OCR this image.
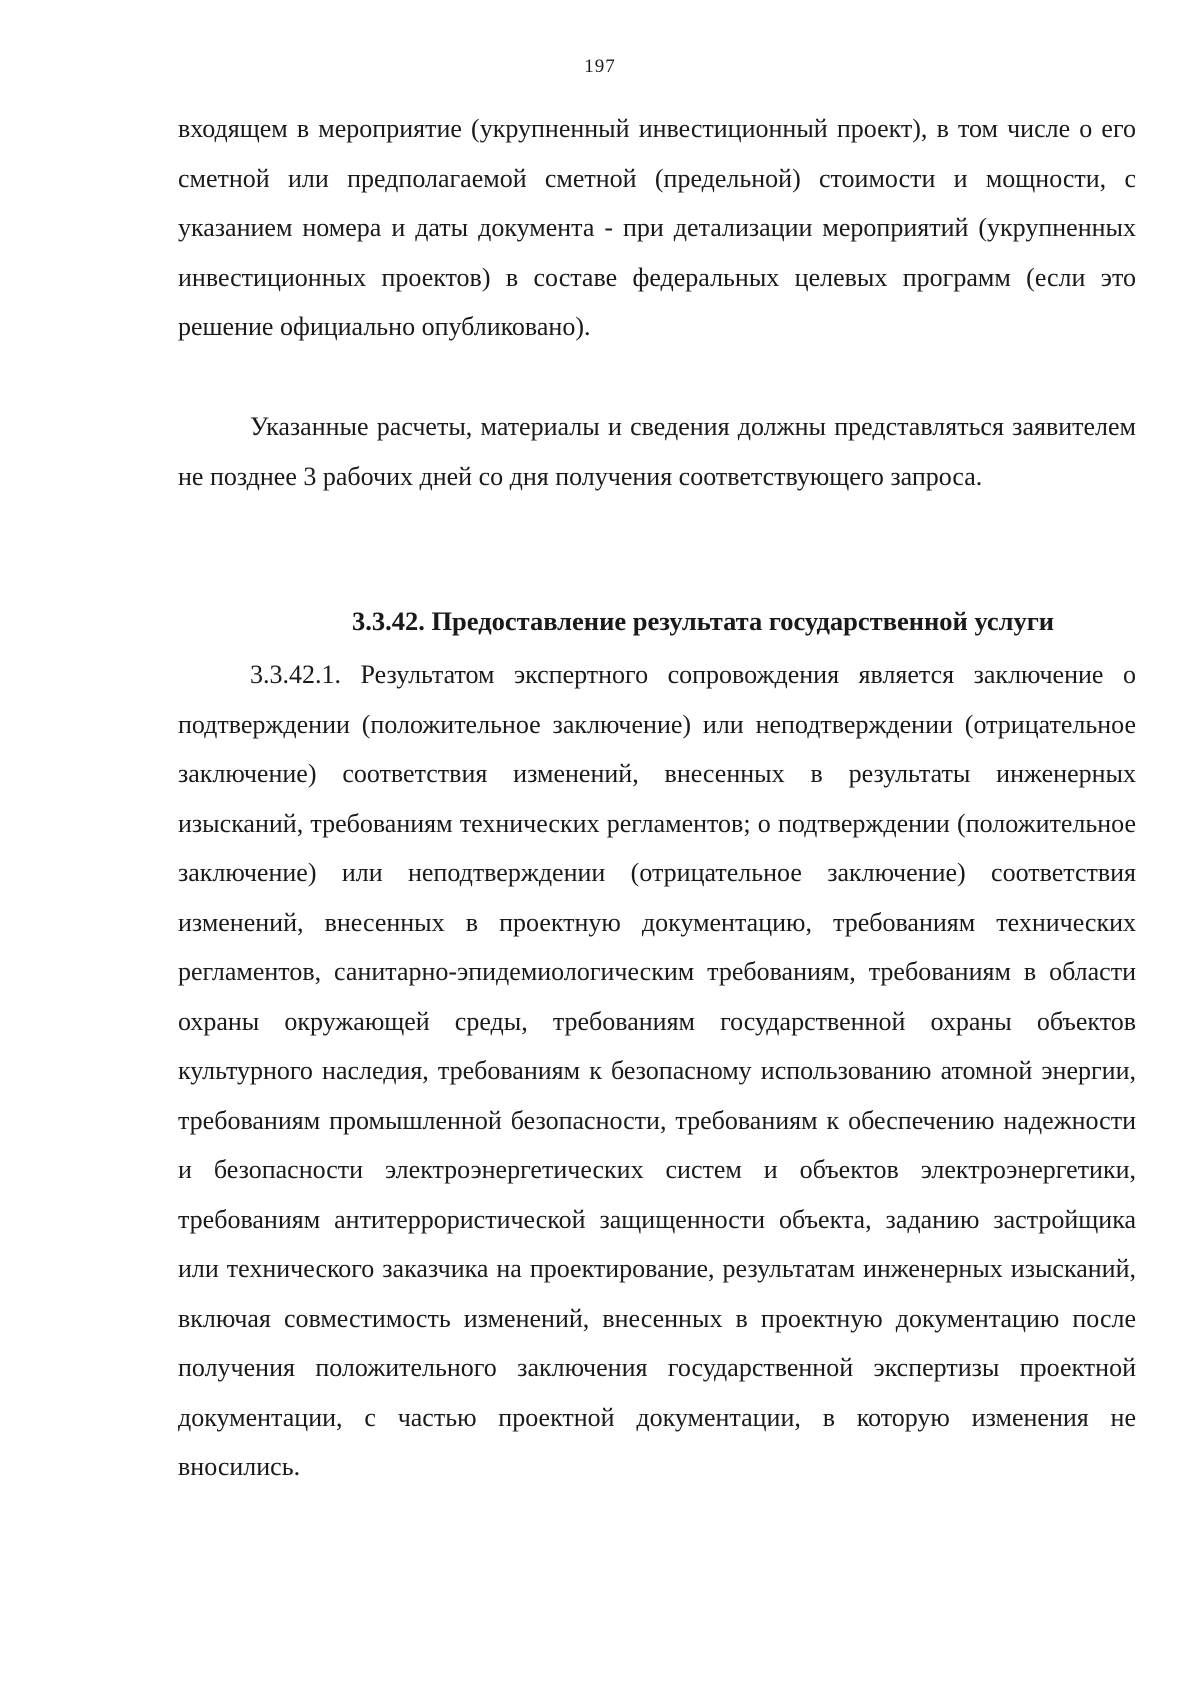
197

входящем в мероприятие (укрупненный инвестиционный проект), в том числе о его сметной или предполагаемой сметной (предельной) стоимости и мощности, с указанием номера и даты документа - при детализации мероприятий (укрупненных инвестиционных проектов) в составе федеральных целевых программ (если это решение официально опубликовано).

Указанные расчеты, материалы и сведения должны представляться заявителем не позднее 3 рабочих дней со дня получения соответствующего запроса.

3.3.42. Предоставление результата государственной услуги

3.3.42.1. Результатом экспертного сопровождения является заключение о подтверждении (положительное заключение) или неподтверждении (отрицательное заключение) соответствия изменений, внесенных в результаты инженерных изысканий, требованиям технических регламентов; о подтверждении (положительное заключение) или неподтверждении (отрицательное заключение) соответствия изменений, внесенных в проектную документацию, требованиям технических регламентов, санитарно-эпидемиологическим требованиям, требованиям в области охраны окружающей среды, требованиям государственной охраны объектов культурного наследия, требованиям к безопасному использованию атомной энергии, требованиям промышленной безопасности, требованиям к обеспечению надежности и безопасности электроэнергетических систем и объектов электроэнергетики, требованиям антитеррористической защищенности объекта, заданию застройщика или технического заказчика на проектирование, результатам инженерных изысканий, включая совместимость изменений, внесенных в проектную документацию после получения положительного заключения государственной экспертизы проектной документации, с частью проектной документации, в которую изменения не вносились.
